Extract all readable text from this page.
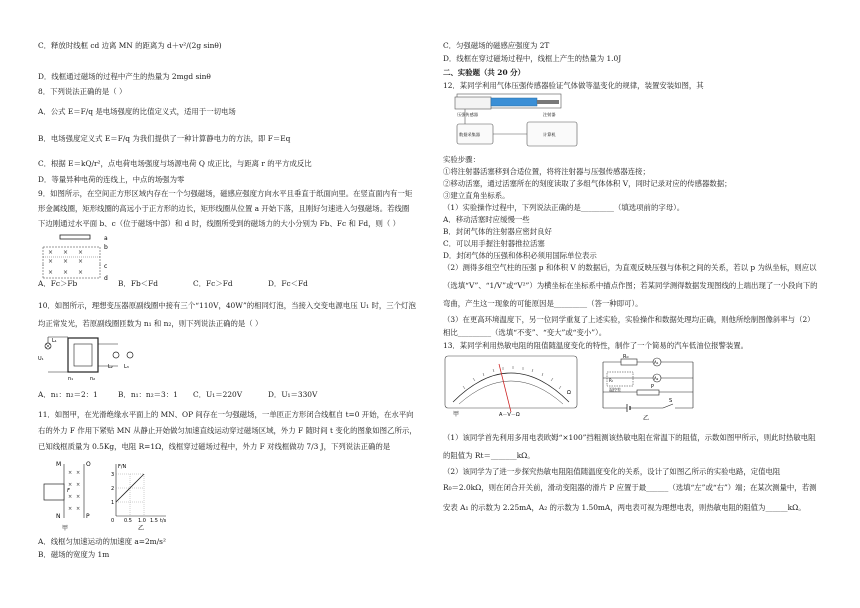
C．释放时线框 cd 边离 MN 的距离为 d＋v²/(2g sinθ)
D．线框通过磁场的过程中产生的热量为 2mgd sinθ
8．下列说法正确的是（ ）
A．公式 E＝F/q 是电场强度的比值定义式，适用于一切电场
B．电场强度定义式 E＝F/q 为我们提供了一种计算静电力的方法，即 F＝Eq
C．根据 E＝kQ/r²，点电荷电场强度与场源电荷 Q 成正比，与距离 r 的平方成反比
D．等量异种电荷的连线上，中点的场强为零
9．如图所示，在空间正方形区域内存在一个匀强磁场，磁感应强度方向水平且垂直于纸面向里。在竖直面内有一矩
形金属线圈，矩形线圈的高远小于正方形的边长，矩形线圈从位置 a 开始下落，且刚好匀速进入匀强磁场。若线圈
下边刚通过水平面 b、c（位于磁场中部）和 d 时，线圈所受到的磁场力的大小分别为 Fb、Fc 和 Fd，则（ ）
× × ×
× × ×
a
b
× × ×
c
d
A．Fc＞Fb	B．Fb＜Fd	C．Fc＞Fd	D．Fc＜Fd
10．如图所示，理想变压器原副线圈中接有三个“110V，40W”的相同灯泡，当接入交变电源电压 U₁ 时，三个灯泡
均正常发光，若原副线圈匝数为 n₁ 和 n₂，则下列说法正确的是（ ）
L₁
U₁
n₁	n₂
L₂ L₃
A．n₁：n₂＝2：1	B．n₁：n₂＝3：1 C．U₁＝220V	D．U₁＝330V
11．如图甲，在光滑绝缘水平面上的 MN、OP 间存在一匀强磁场，一单匝正方形闭合线框自 t=0 开始，在水平向
右的外力 F 作用下紧贴 MN 从静止开始做匀加速直线运动穿过磁场区域，外力 F 随时间 t 变化的图象如图乙所示，
已知线框质量为 0.5Kg，电阻 R=1Ω，线框穿过磁场过程中，外力 F 对线框做功 7/3 J，下列说法正确的是
M	O
× ×
× ×
× ×
× ×
F
N	P
甲
F/N
3
2
1
0 0.5 1.0 1.5 t/s
乙
A．线框匀加速运动的加速度 a=2m/s²
B．磁场的宽度为 1m
C．匀强磁场的磁感应强度为 2T
D．线框在穿过磁场过程中，线框上产生的热量为 1.0J
二、实验题（共 20 分）
12．某同学利用气体压强传感器验证气体做等温变化的规律，装置安装如图，其
压强传感器	注射器
数据采集器	计算机
实验步骤：
①将注射器活塞移到合适位置，将将注射器与压强传感器连接；
②移动活塞，通过活塞所在的刻度读取了多组气体体积 V，同时记录对应的传感器数据；
③建立直角坐标系。
（1）实验操作过程中，下列说法正确的是_________（填选项前的字母）。
A．移动活塞时应缓慢一些
B．封闭气体的注射器应密封良好
C．可以用手握注射器推拉活塞
D．封闭气体的压强和体积必须用国际单位表示
（2）测得多组空气柱的压强 p 和体积 V 的数据后，为直观反映压强与体积之间的关系，若以 p 为纵坐标，则应以
（选填“V”、“1/V”或“V²”）为横坐标在坐标系中描点作图；若某同学测得数据发现图线的上端出现了一小段向下的
弯曲，产生这一现象的可能原因是_________（答一种即可）。
（3）在更高环境温度下，另一位同学重复了上述实验，实验操作和数据处理均正确，则他所绘制图像斜率与（2）
相比_________（选填“不变”、“变大”或“变小”）。
13．某同学利用热敏电阻的阻值随温度变化的特性，制作了一个简易的汽车低油位报警装置。
Ω
A－V－Ω
甲
R₀
A₁
Rₜ	A₂
温控室	P
S
乙
（1）该同学首先利用多用电表欧姆“×100”挡粗测该热敏电阻在常温下的阻值，示数如图甲所示，则此时热敏电阻
的阻值为 Rt＝_______kΩ。
（2）该同学为了进一步探究热敏电阻阻值随温度变化的关系，设计了如图乙所示的实验电路，定值电阻
R₀＝2.0kΩ，则在闭合开关前，滑动变阻器的滑片 P 应置于最______（选填“左”或“右”）端；在某次测量中，若测
安表 A₁ 的示数为 2.25mA，A₂ 的示数为 1.50mA，两电表可视为理想电表，则热敏电阻的阻值为______kΩ。
